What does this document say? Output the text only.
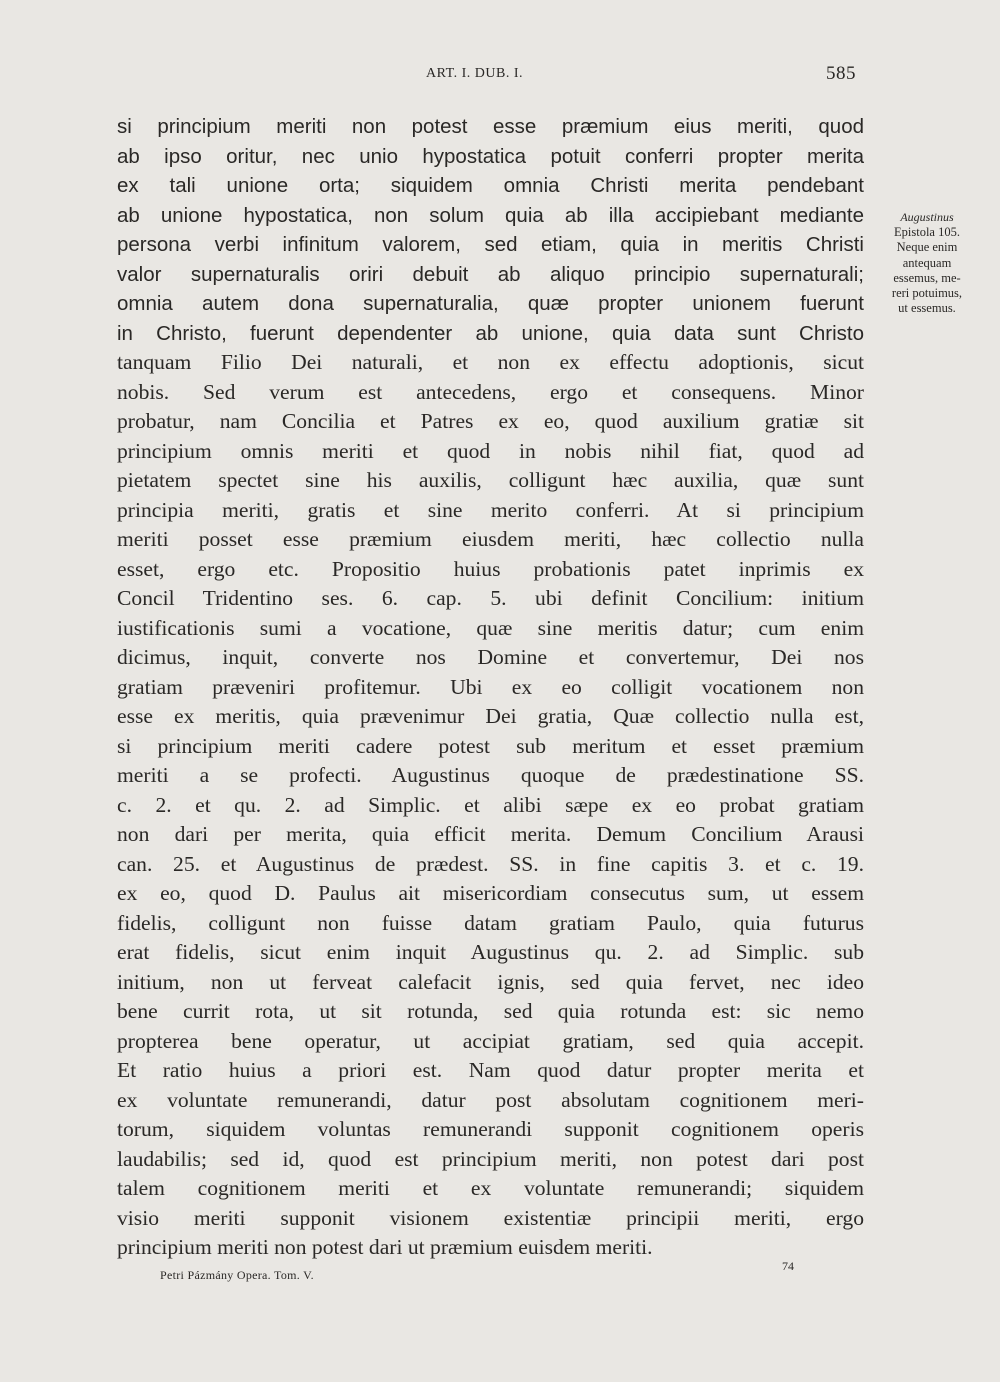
ART. I. DUB. I.	585
si principium meriti non potest esse præmium eius meriti, quod
ab ipso oritur, nec unio hypostatica potuit conferri propter merita
ex tali unione orta; siquidem omnia Christi merita pendebant
ab unione hypostatica, non solum quia ab illa accipiebant mediante
persona verbi infinitum valorem, sed etiam, quia in meritis Christi
valor supernaturalis oriri debuit ab aliquo principio supernaturali;
omnia autem dona supernaturalia, quæ propter unionem fuerunt
in Christo, fuerunt dependenter ab unione, quia data sunt Christo
tanquam Filio Dei naturali, et non ex effectu adoptionis, sicut
nobis. Sed verum est antecedens, ergo et consequens. Minor
probatur, nam Concilia et Patres ex eo, quod auxilium gratiæ sit
principium omnis meriti et quod in nobis nihil fiat, quod ad
pietatem spectet sine his auxilis, colligunt hæc auxilia, quæ sunt
principia meriti, gratis et sine merito conferri. At si principium
meriti posset esse præmium eiusdem meriti, hæc collectio nulla
esset, ergo etc. Propositio huius probationis patet inprimis ex
Concil Tridentino ses. 6. cap. 5. ubi definit Concilium: initium
iustificationis sumi a vocatione, quæ sine meritis datur; cum enim
dicimus, inquit, converte nos Domine et convertemur, Dei nos
gratiam præveniri profitemur. Ubi ex eo colligit vocationem non
esse ex meritis, quia prævenimur Dei gratia, Quæ collectio nulla est,
si principium meriti cadere potest sub meritum et esset præmium
meriti a se profecti. Augustinus quoque de prædestinatione SS.
c. 2. et qu. 2. ad Simplic. et alibi sæpe ex eo probat gratiam
non dari per merita, quia efficit merita. Demum Concilium Arausi
can. 25. et Augustinus de prædest. SS. in fine capitis 3. et c. 19.
ex eo, quod D. Paulus ait misericordiam consecutus sum, ut essem
fidelis, colligunt non fuisse datam gratiam Paulo, quia futurus
erat fidelis, sicut enim inquit Augustinus qu. 2. ad Simplic. sub
initium, non ut ferveat calefacit ignis, sed quia fervet, nec ideo
bene currit rota, ut sit rotunda, sed quia rotunda est: sic nemo
propterea bene operatur, ut accipiat gratiam, sed quia accepit.
Et ratio huius a priori est. Nam quod datur propter merita et
ex voluntate remunerandi, datur post absolutam cognitionem meri-
torum, siquidem voluntas remunerandi supponit cognitionem operis
laudabilis; sed id, quod est principium meriti, non potest dari post
talem cognitionem meriti et ex voluntate remunerandi; siquidem
visio meriti supponit visionem existentiæ principii meriti, ergo
principium meriti non potest dari ut præmium euisdem meriti.
Augustinus
Epistola 105.
Neque enim
antequam
essemus, me-
reri potuimus,
ut essemus.
Petri Pázmány Opera. Tom. V.
74
